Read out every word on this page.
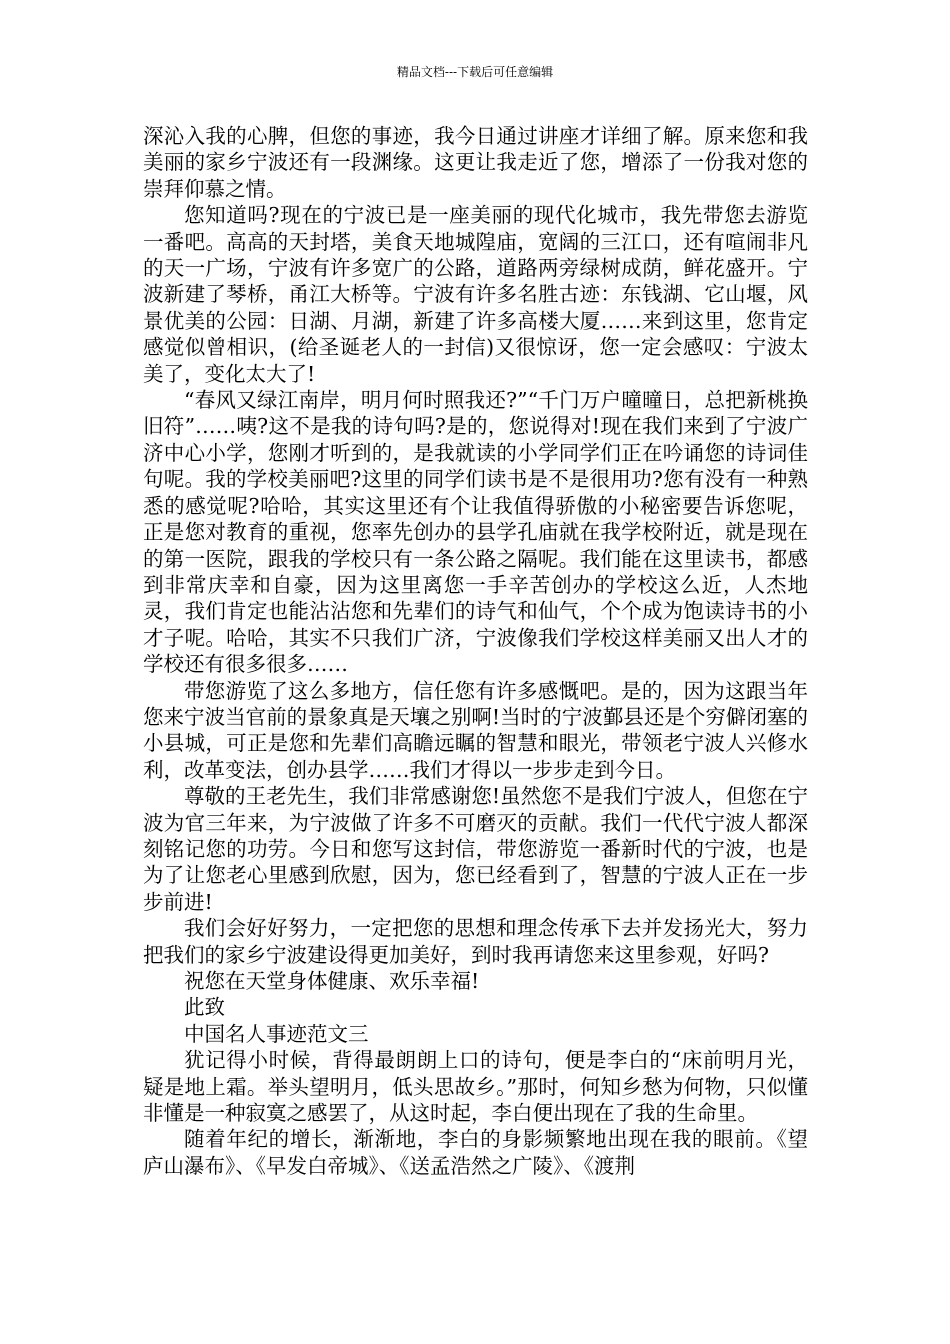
精品文档---下载后可任意编辑

深沁入我的心脾，但您的事迹，我今日通过讲座才详细了解。原来您和我美丽的家乡宁波还有一段渊缘。这更让我走近了您，增添了一份我对您的崇拜仰慕之情。

您知道吗?现在的宁波已是一座美丽的现代化城市，我先带您去游览一番吧。高高的天封塔，美食天地城隍庙，宽阔的三江口，还有喧闹非凡的天一广场，宁波有许多宽广的公路，道路两旁绿树成荫，鲜花盛开。宁波新建了琴桥，甬江大桥等。宁波有许多名胜古迹：东钱湖、它山堰，风景优美的公园：日湖、月湖，新建了许多高楼大厦……来到这里，您肯定感觉似曾相识，(给圣诞老人的一封信)又很惊讶，您一定会感叹：宁波太美了，变化太大了!

“春风又绿江南岸，明月何时照我还?”“千门万户曈曈日，总把新桃换旧符”……咦?这不是我的诗句吗?是的，您说得对!现在我们来到了宁波广济中心小学，您刚才听到的，是我就读的小学同学们正在吟诵您的诗词佳句呢。我的学校美丽吧?这里的同学们读书是不是很用功?您有没有一种熟悉的感觉呢?哈哈，其实这里还有个让我值得骄傲的小秘密要告诉您呢，正是您对教育的重视，您率先创办的县学孔庙就在我学校附近，就是现在的第一医院，跟我的学校只有一条公路之隔呢。我们能在这里读书，都感到非常庆幸和自豪，因为这里离您一手辛苦创办的学校这么近，人杰地灵，我们肯定也能沾沾您和先辈们的诗气和仙气，个个成为饱读诗书的小才子呢。哈哈，其实不只我们广济，宁波像我们学校这样美丽又出人才的学校还有很多很多……

带您游览了这么多地方，信任您有许多感慨吧。是的，因为这跟当年您来宁波当官前的景象真是天壤之别啊!当时的宁波鄞县还是个穷僻闭塞的小县城，可正是您和先辈们高瞻远瞩的智慧和眼光，带领老宁波人兴修水利，改革变法，创办县学……我们才得以一步步走到今日。

尊敬的王老先生，我们非常感谢您!虽然您不是我们宁波人，但您在宁波为官三年来，为宁波做了许多不可磨灭的贡献。我们一代代宁波人都深刻铭记您的功劳。今日和您写这封信，带您游览一番新时代的宁波，也是为了让您老心里感到欣慰，因为，您已经看到了，智慧的宁波人正在一步步前进!

我们会好好努力，一定把您的思想和理念传承下去并发扬光大，努力把我们的家乡宁波建设得更加美好，到时我再请您来这里参观，好吗?

祝您在天堂身体健康、欢乐幸福!

此致

中国名人事迹范文三

犹记得小时候，背得最朗朗上口的诗句，便是李白的“床前明月光，疑是地上霜。举头望明月，低头思故乡。”那时，何知乡愁为何物，只似懂非懂是一种寂寞之感罢了，从这时起，李白便出现在了我的生命里。

随着年纪的增长，渐渐地，李白的身影频繁地出现在我的眼前。《望庐山瀑布》、《早发白帝城》、《送孟浩然之广陵》、《渡荆
